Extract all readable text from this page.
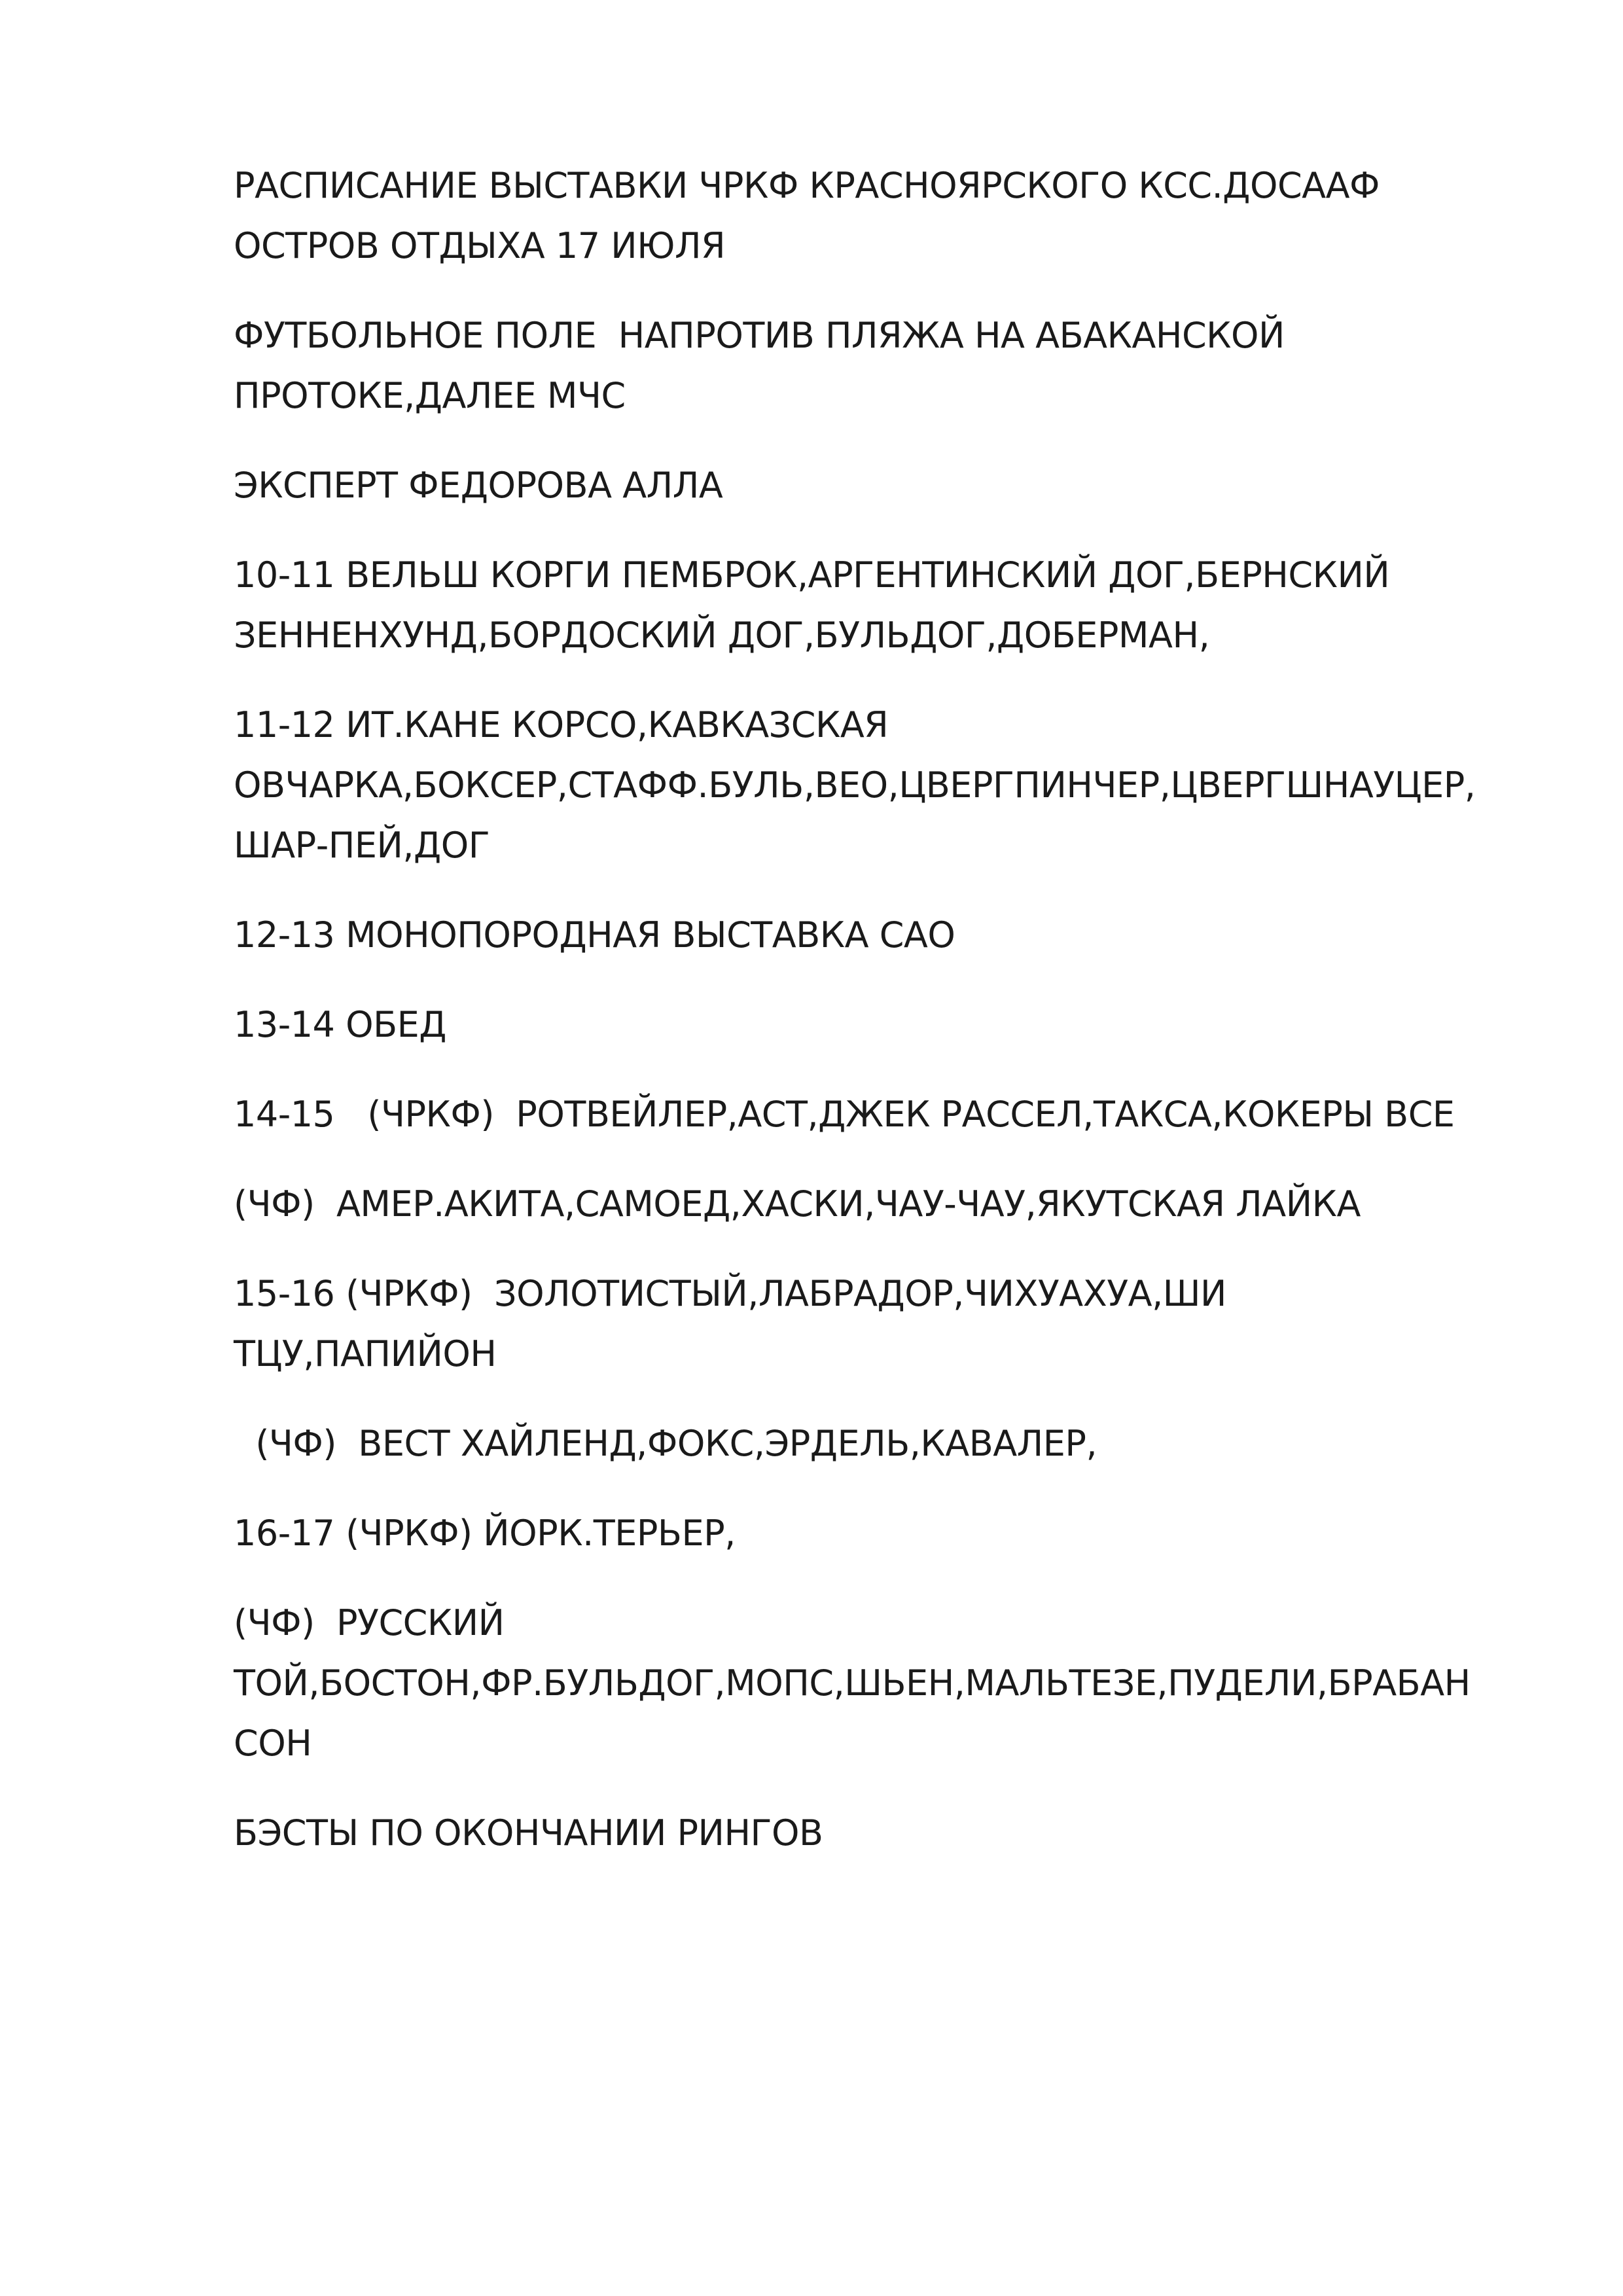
РАСПИСАНИЕ ВЫСТАВКИ ЧРКФ КРАСНОЯРСКОГО КСС.ДОСААФ
ОСТРОВ ОТДЫХА 17 ИЮЛЯ

ФУТБОЛЬНОЕ ПОЛЕ  НАПРОТИВ ПЛЯЖА НА АБАКАНСКОЙ
ПРОТОКЕ,ДАЛЕЕ МЧС

ЭКСПЕРТ ФЕДОРОВА АЛЛА

10-11 ВЕЛЬШ КОРГИ ПЕМБРОК,АРГЕНТИНСКИЙ ДОГ,БЕРНСКИЙ
ЗЕННЕНХУНД,БОРДОСКИЙ ДОГ,БУЛЬДОГ,ДОБЕРМАН,

11-12 ИТ.КАНЕ КОРСО,КАВКАЗСКАЯ
ОВЧАРКА,БОКСЕР,СТАФФ.БУЛЬ,ВЕО,ЦВЕРГПИНЧЕР,ЦВЕРГШНАУЦЕР,
ШАР-ПЕЙ,ДОГ

12-13 МОНОПОРОДНАЯ ВЫСТАВКА САО

13-14 ОБЕД

14-15   (ЧРКФ)  РОТВЕЙЛЕР,АСТ,ДЖЕК РАССЕЛ,ТАКСА,КОКЕРЫ ВСЕ

(ЧФ)  АМЕР.АКИТА,САМОЕД,ХАСКИ,ЧАУ-ЧАУ,ЯКУТСКАЯ ЛАЙКА

15-16 (ЧРКФ)  ЗОЛОТИСТЫЙ,ЛАБРАДОР,ЧИХУАХУА,ШИ
ТЦУ,ПАПИЙОН

(ЧФ)  ВЕСТ ХАЙЛЕНД,ФОКС,ЭРДЕЛЬ,КАВАЛЕР,

16-17 (ЧРКФ) ЙОРК.ТЕРЬЕР,

(ЧФ)  РУССКИЙ
ТОЙ,БОСТОН,ФР.БУЛЬДОГ,МОПС,ШЬЕН,МАЛЬТЕЗЕ,ПУДЕЛИ,БРАБАН
СОН

БЭСТЫ ПО ОКОНЧАНИИ РИНГОВ
